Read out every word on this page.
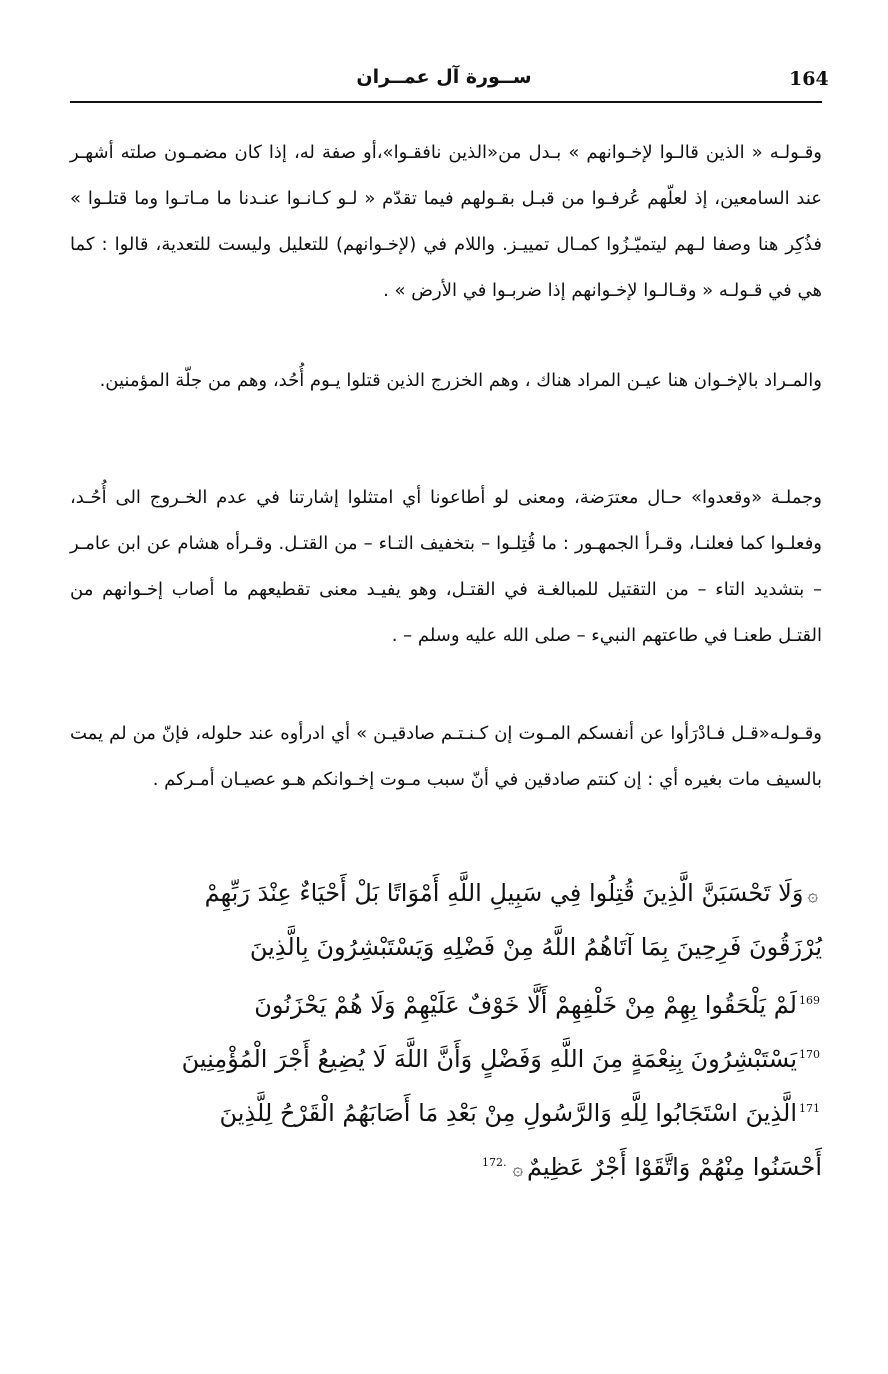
164
ســورة آل عمــران

وقـولـه « الذين قالـوا لإخـوانهم » بـدل من«الذين نافقـوا»،أو صفة له، إذا كان مضمـون صلته أشهـر عند السامعين، إذ لعلّهم عُرفـوا من قبـل بقـولهم فيما تقدّم « لـو كـانـوا عنـدنا ما مـاتـوا وما قتلـوا » فذُكِر هنا وصفا لـهم ليتميّـزُوا كمـال تمييـز. واللام في (لإخـوانهم) للتعليل وليست للتعدية، قالوا : كما هي في قـولـه « وقـالـوا لإخـوانهم إذا ضربـوا في الأرض » .

والمـراد بالإخـوان هنا عيـن المراد هناك ، وهم الخزرج الذين قتلوا يـوم أُحُد، وهم من جلّة المؤمنين.

وجملـة «وقعدوا» حـال معترَضة، ومعنى لو أطاعونا أي امتثلوا إشارتنا في عدم الخـروج الى أُحُـد، وفعلـوا كما فعلنـا، وقـرأ الجمهـور : ما قُتِلـوا – بتخفيف التـاء – من القتـل. وقـرأه هشام عن ابن عامـر – بتشديد التاء – من التقتيل للمبالغـة في القتـل، وهو يفيـد معنى تقطيعهم ما أصاب إخـوانهم من القتـل طعنـا في طاعتهم النبيء – صلى الله عليه وسلم – .

وقـولـه«قـل فـادْرَأوا عن أنفسكم المـوت إن كـنـتـم صادقيـن » أي ادرأوه عند حلوله، فإنّ من لم يمت بالسيف مات بغيره أي : إن كنتم صادقين في أنّ سبب مـوت إخـوانكم هـو عصيـان أمـركم .

۞وَلَا تَحْسَبَنَّ الَّذِينَ قُتِلُوا فِي سَبِيلِ اللَّهِ أَمْوَاتًا بَلْ أَحْيَاءٌ عِنْدَ رَبِّهِمْ
يُرْزَقُونَ فَرِحِينَ بِمَا آتَاهُمُ اللَّهُ مِنْ فَضْلِهِ وَيَسْتَبْشِرُونَ بِالَّذِينَ
169لَمْ يَلْحَقُوا بِهِمْ مِنْ خَلْفِهِمْ أَلَّا خَوْفٌ عَلَيْهِمْ وَلَا هُمْ يَحْزَنُونَ
170يَسْتَبْشِرُونَ بِنِعْمَةٍ مِنَ اللَّهِ وَفَضْلٍ وَأَنَّ اللَّهَ لَا يُضِيعُ أَجْرَ الْمُؤْمِنِينَ
171الَّذِينَ اسْتَجَابُوا لِلَّهِ وَالرَّسُولِ مِنْ بَعْدِ مَا أَصَابَهُمُ الْقَرْحُ لِلَّذِينَ
أَحْسَنُوا مِنْهُمْ وَاتَّقَوْا أَجْرٌ عَظِيمٌ۞172.
